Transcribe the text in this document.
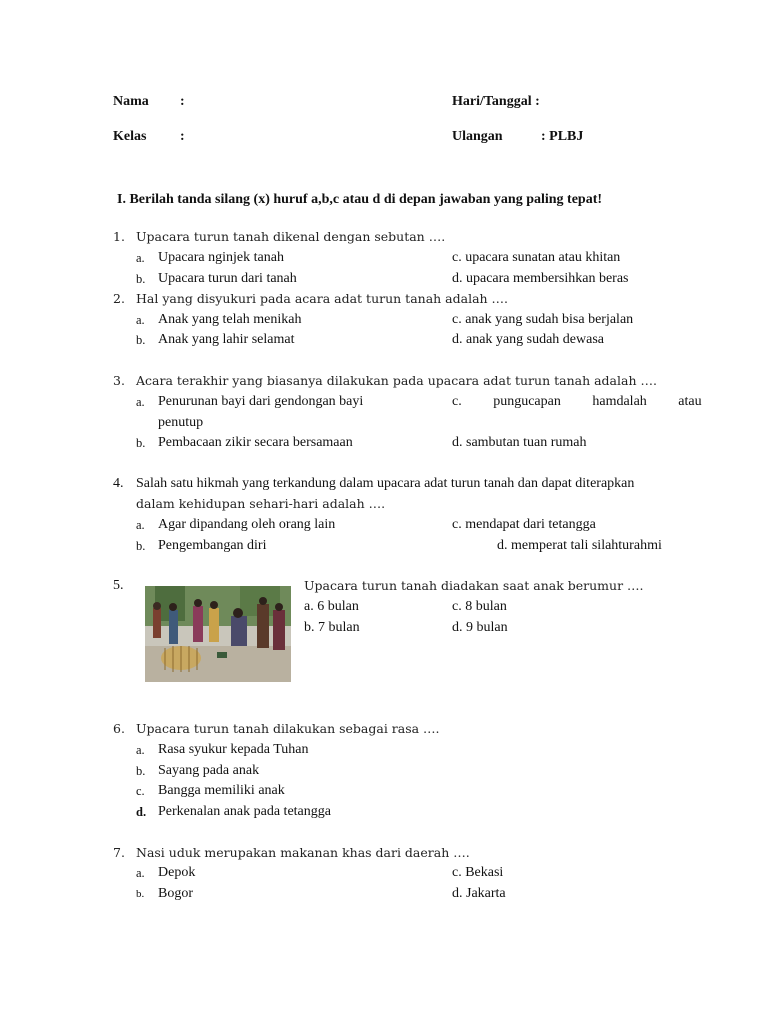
Nama :	Hari/Tanggal :
Kelas :	Ulangan	: PLBJ
I. Berilah tanda silang (x) huruf a,b,c atau d di depan jawaban yang paling tepat!
1. Upacara turun tanah dikenal dengan sebutan ….
a. Upacara nginjek tanah	c. upacara sunatan atau khitan
b. Upacara turun dari tanah	d. upacara membersihkan beras
2. Hal yang disyukuri pada acara adat turun tanah adalah ….
a. Anak yang telah menikah	c. anak yang sudah bisa berjalan
b. Anak yang lahir selamat	d. anak yang sudah dewasa
3. Acara terakhir yang biasanya dilakukan pada upacara adat turun tanah adalah ….
a. Penurunan bayi dari gendongan bayi	c.         pungucapan         hamdalah         atau
penutup
b. Pembacaan zikir secara bersamaan	d. sambutan tuan rumah
4. Salah satu hikmah yang terkandung dalam upacara adat turun tanah dan dapat diterapkan
dalam kehidupan sehari-hari adalah ….
a. Agar dipandang oleh orang lain	c. mendapat dari tetangga
b. Pengembangan diri	d. memperat tali silahturahmi
5.	Upacara turun tanah diadakan saat anak berumur ….
a. 6 bulan	c. 8 bulan
b. 7 bulan	d. 9 bulan
6. Upacara turun tanah dilakukan sebagai rasa ….
a. Rasa syukur kepada Tuhan
b. Sayang pada anak
c. Bangga memiliki anak
d. Perkenalan anak pada tetangga
7. Nasi uduk merupakan makanan khas dari daerah ….
a. Depok	c. Bekasi
b. Bogor	d. Jakarta
